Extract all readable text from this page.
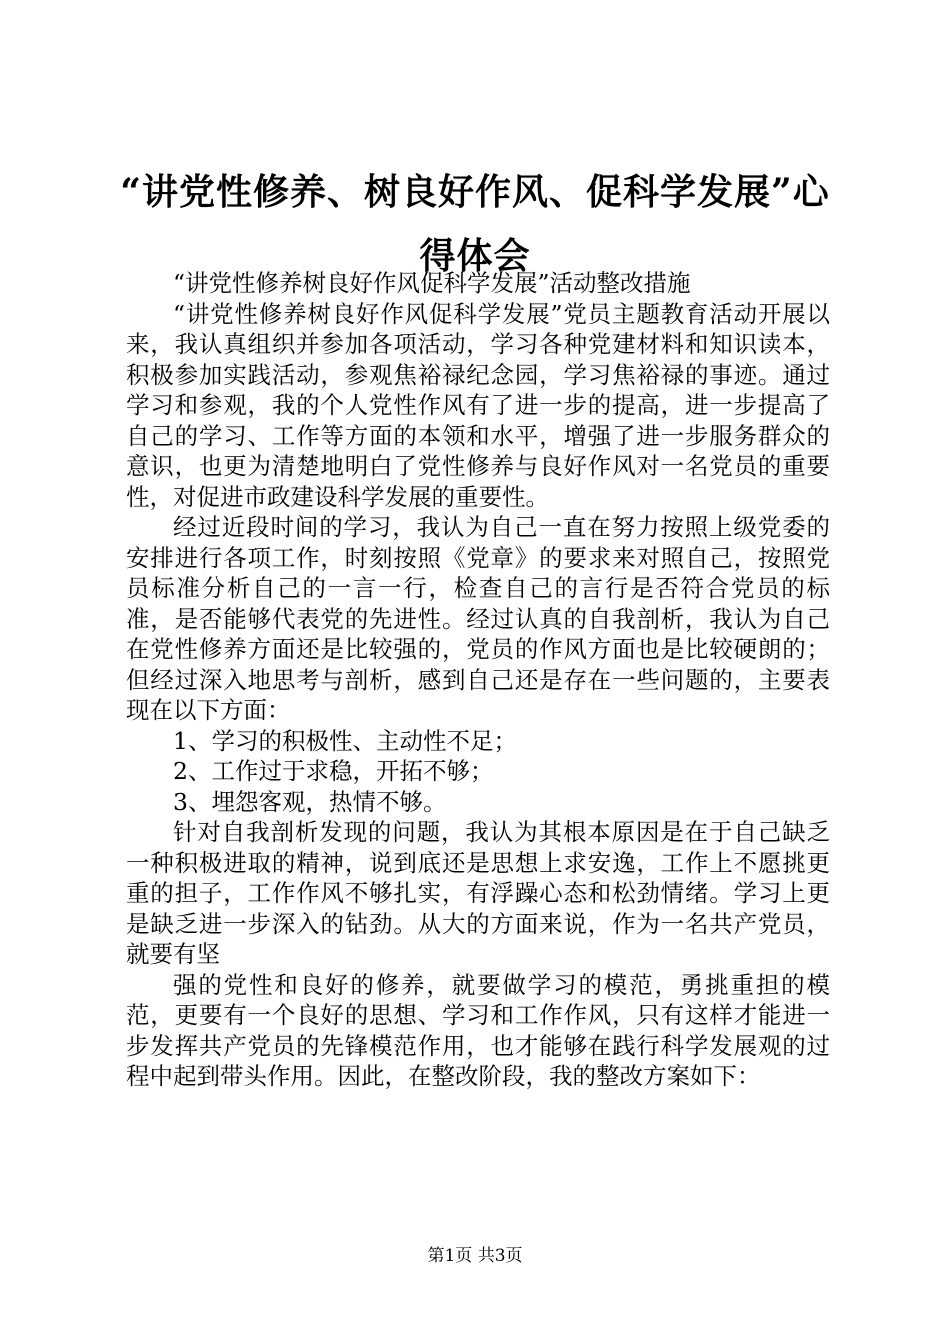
“讲党性修养、树良好作风、促科学发展”心得体会

“讲党性修养树良好作风促科学发展”活动整改措施

“讲党性修养树良好作风促科学发展”党员主题教育活动开展以来，我认真组织并参加各项活动，学习各种党建材料和知识读本，积极参加实践活动，参观焦裕禄纪念园，学习焦裕禄的事迹。通过学习和参观，我的个人党性作风有了进一步的提高，进一步提高了自己的学习、工作等方面的本领和水平，增强了进一步服务群众的意识，也更为清楚地明白了党性修养与良好作风对一名党员的重要性，对促进市政建设科学发展的重要性。

经过近段时间的学习，我认为自己一直在努力按照上级党委的安排进行各项工作，时刻按照《党章》的要求来对照自己，按照党员标准分析自己的一言一行，检查自己的言行是否符合党员的标准，是否能够代表党的先进性。经过认真的自我剖析，我认为自己在党性修养方面还是比较强的，党员的作风方面也是比较硬朗的；但经过深入地思考与剖析，感到自己还是存在一些问题的，主要表现在以下方面：

1、学习的积极性、主动性不足；

2、工作过于求稳，开拓不够；

3、埋怨客观，热情不够。

针对自我剖析发现的问题，我认为其根本原因是在于自己缺乏一种积极进取的精神，说到底还是思想上求安逸，工作上不愿挑更重的担子，工作作风不够扎实，有浮躁心态和松劲情绪。学习上更是缺乏进一步深入的钻劲。从大的方面来说，作为一名共产党员，就要有坚

强的党性和良好的修养，就要做学习的模范，勇挑重担的模范，更要有一个良好的思想、学习和工作作风，只有这样才能进一步发挥共产党员的先锋模范作用，也才能够在践行科学发展观的过程中起到带头作用。因此，在整改阶段，我的整改方案如下：

第1页 共3页
